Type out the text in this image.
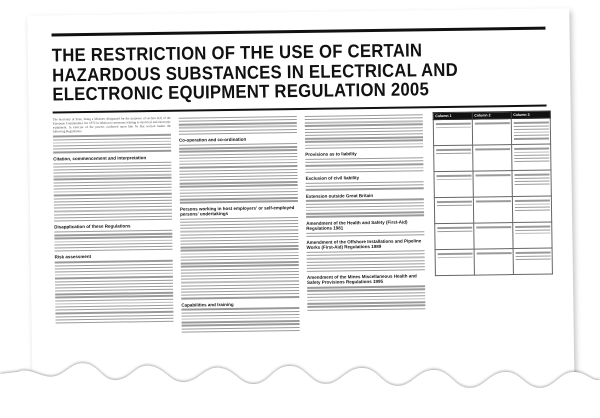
THE RESTRICTION OF THE USE OF CERTAIN HAZARDOUS SUBSTANCES IN ELECTRICAL AND ELECTRONIC EQUIPMENT REGULATION 2005

The Secretary of State, being a Minister designated for the purposes of section 2(2) of the European Communities Act 1972 in relation to measures relating to electrical and electronic equipment, in exercise of the powers conferred upon him by that section makes the following Regulations.

Citation, commencement and interpretation
Disapplication of these Regulations
Risk assessment
Co-operation and co-ordination
Persons working in host employers' or self-employed persons' undertakings
Capabilities and training
Provisions as to liability
Exclusion of civil liability
Extension outside Great Britain
Amendment of the Health and Safety (First-Aid) Regulations 1981
Amendment of the Offshore Installations and Pipeline Works (First-Aid) Regulations 1989
Amendment of the Mines Miscellaneous Health and Safety Provisions Regulations 1995
Column 1	Column 2	Column 3
